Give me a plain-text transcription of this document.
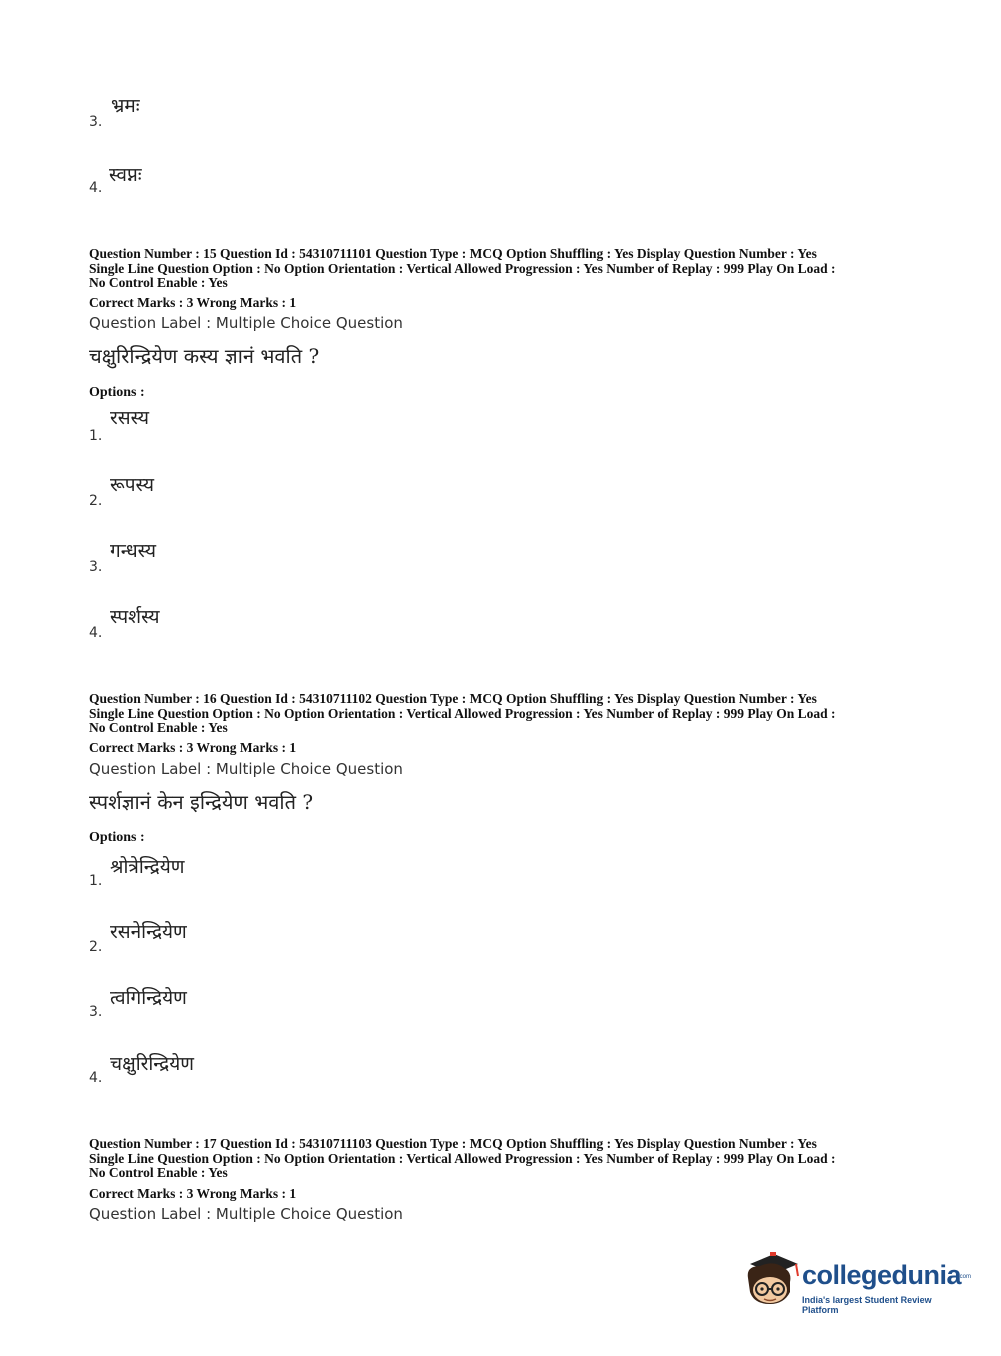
भ्रमः
3.
स्वप्नः
4.
Question Number : 15 Question Id : 54310711101 Question Type : MCQ Option Shuffling : Yes Display Question Number : Yes
Single Line Question Option : No Option Orientation : Vertical Allowed Progression : Yes Number of Replay : 999 Play On Load :
No Control Enable : Yes
Correct Marks : 3 Wrong Marks : 1
Question Label : Multiple Choice Question
चक्षुरिन्द्रियेण कस्य ज्ञानं भवति ?
Options :
रसस्य
1.
रूपस्य
2.
गन्धस्य
3.
स्पर्शस्य
4.
Question Number : 16 Question Id : 54310711102 Question Type : MCQ Option Shuffling : Yes Display Question Number : Yes
Single Line Question Option : No Option Orientation : Vertical Allowed Progression : Yes Number of Replay : 999 Play On Load :
No Control Enable : Yes
Correct Marks : 3 Wrong Marks : 1
Question Label : Multiple Choice Question
स्पर्शज्ञानं केन इन्द्रियेण भवति ?
Options :
श्रोत्रेन्द्रियेण
1.
रसनेन्द्रियेण
2.
त्वगिन्द्रियेण
3.
चक्षुरिन्द्रियेण
4.
Question Number : 17 Question Id : 54310711103 Question Type : MCQ Option Shuffling : Yes Display Question Number : Yes
Single Line Question Option : No Option Orientation : Vertical Allowed Progression : Yes Number of Replay : 999 Play On Load :
No Control Enable : Yes
Correct Marks : 3 Wrong Marks : 1
Question Label : Multiple Choice Question
collegedunia
.com
India's largest Student Review Platform
